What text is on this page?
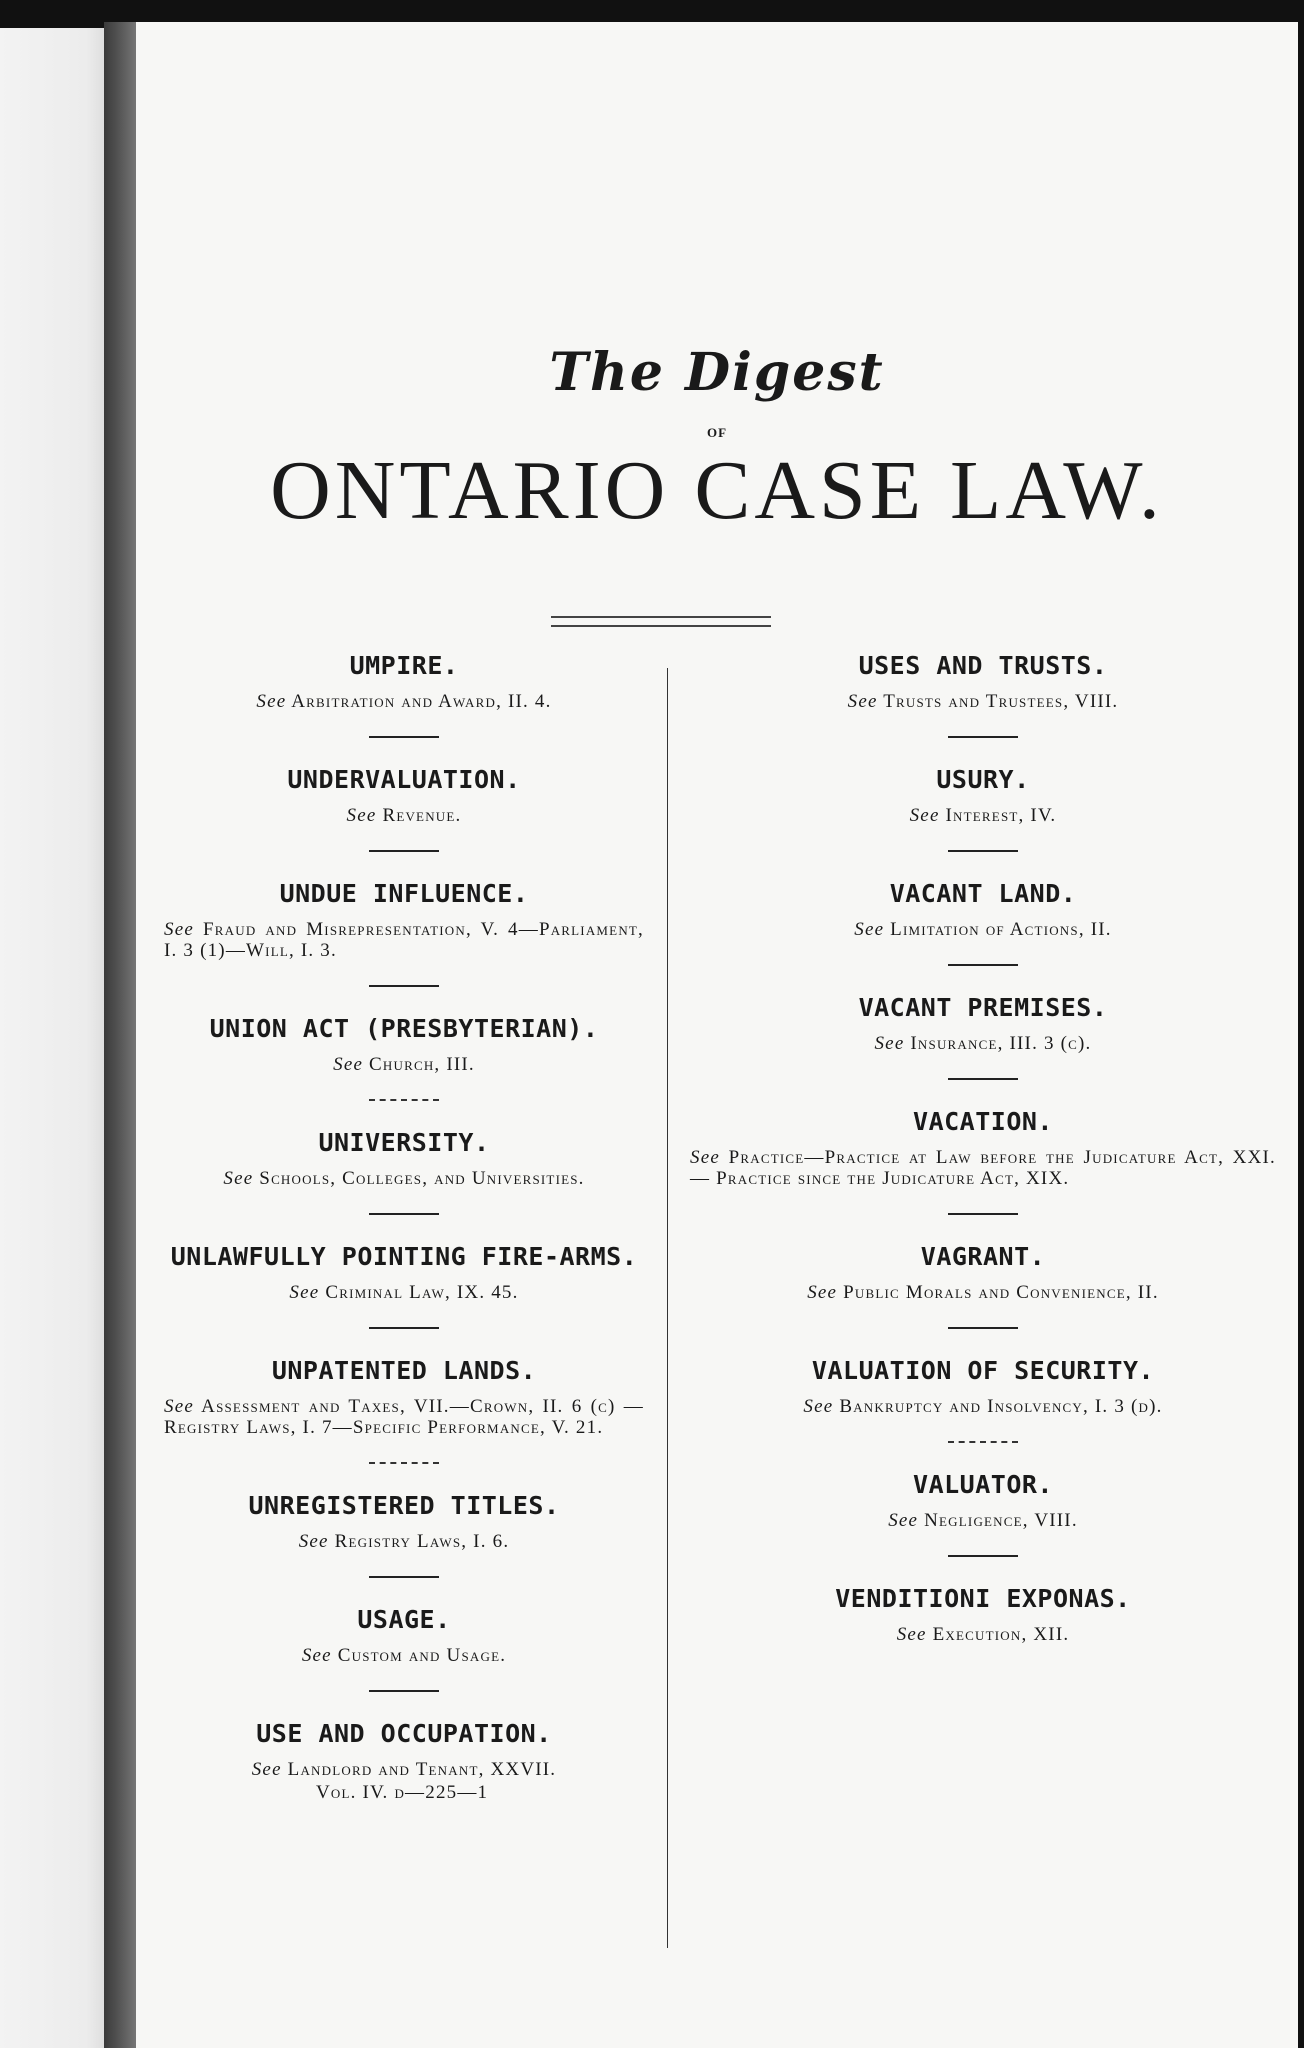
The Digest
OF
ONTARIO CASE LAW.
UMPIRE.
See Arbitration and Award, II. 4.
UNDERVALUATION.
See Revenue.
UNDUE INFLUENCE.
See Fraud and Misrepresentation, V. 4—Parliament, I. 3 (1)—Will, I. 3.
UNION ACT (PRESBYTERIAN).
See Church, III.
UNIVERSITY.
See Schools, Colleges, and Universities.
UNLAWFULLY POINTING FIRE-ARMS.
See Criminal Law, IX. 45.
UNPATENTED LANDS.
See Assessment and Taxes, VII.—Crown, II. 6 (c) —Registry Laws, I. 7—Specific Performance, V. 21.
UNREGISTERED TITLES.
See Registry Laws, I. 6.
USAGE.
See Custom and Usage.
USE AND OCCUPATION.
See Landlord and Tenant, XXVII.
Vol. IV. d—225—1
USES AND TRUSTS.
See Trusts and Trustees, VIII.
USURY.
See Interest, IV.
VACANT LAND.
See Limitation of Actions, II.
VACANT PREMISES.
See Insurance, III. 3 (c).
VACATION.
See Practice—Practice at Law before the Judicature Act, XXI. — Practice since the Judicature Act, XIX.
VAGRANT.
See Public Morals and Convenience, II.
VALUATION OF SECURITY.
See Bankruptcy and Insolvency, I. 3 (d).
VALUATOR.
See Negligence, VIII.
VENDITIONI EXPONAS.
See Execution, XII.
